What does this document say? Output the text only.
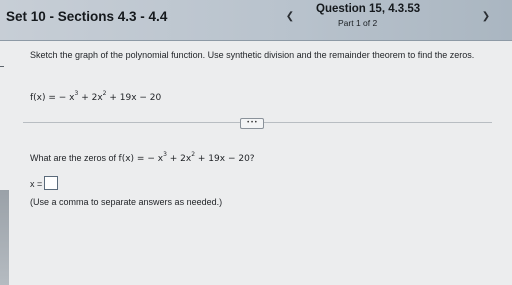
Set 10 - Sections 4.3 - 4.4	❮
Question 15, 4.3.53
Part 1 of 2
❯
Sketch the graph of the polynomial function. Use synthetic division and the remainder theorem to find the zeros.
f(x) = − $x^3 + 2x^2 + 19x - 20$
• • •
What are the zeros of f(x) = − $x^3 + 2x^2 + 19x - 20$?
x =
(Use a comma to separate answers as needed.)
